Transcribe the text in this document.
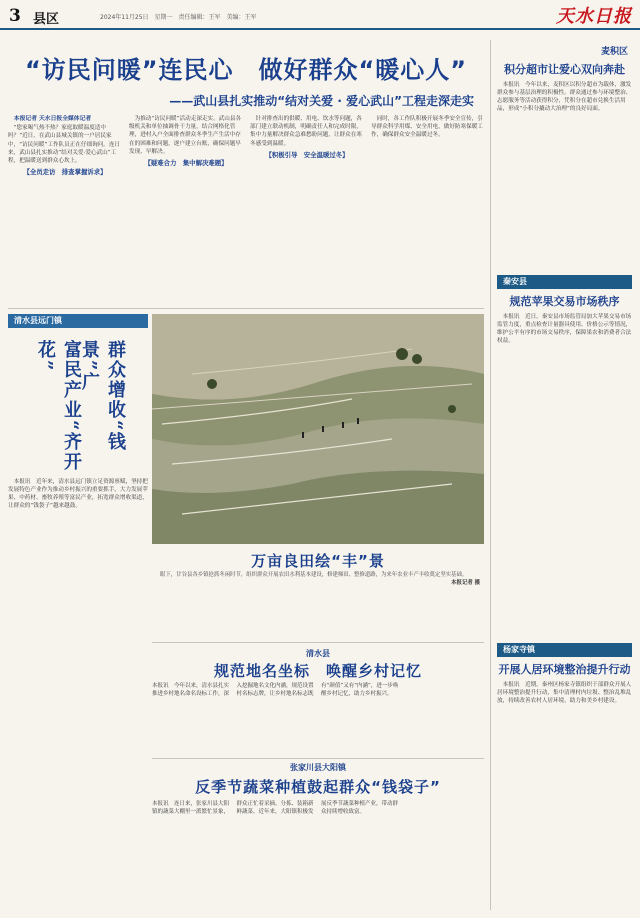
3 县区	2024年11月25日　星期一　责任编辑：王军　美编：王军	天水日报
“访民问暖”连民心　做好群众“暖心人”
——武山县扎实推动“结对关爱 · 爱心武山”工程走深走实

本报记者 天水日报全媒体记者

“您家喝气热不热？家庭取暖温度适中吗？”近日，在武山县城关镇的一户居民家中，“访民问暖”工作队员正在仔细询问。连日来，武山县扎实推动“结对关爱·爱心武山”工程，把温暖送到群众心坎上。

【全员走访　排查掌握诉求】

为推动“访民问暖”活动走深走实，武山县各级机关和单位抽调骨干力量，结合网格化管理，进村入户全面排查群众冬季生产生活中存在的困难和问题，逐户建立台账，确保问题早发现、早解决。

【疑难合力　集中解决难题】

针对排查出的供暖、用电、饮水等问题，各部门建立联动机制，明确责任人和完成时限，集中力量解决群众急难愁盼问题，让群众在寒冬感受到温暖。

【积极引导　安全温暖过冬】

同时，各工作队积极开展冬季安全宣传，引导群众科学用煤、安全用电，做好防寒保暖工作，确保群众安全温暖过冬。

麦积区
积分超市让爱心双向奔赴

本报讯　今年以来，麦积区以积分超市为载体，激发群众参与基层治理的积极性。群众通过参与环境整治、志愿服务等活动获得积分，凭积分在超市兑换生活用品，形成“小积分撬动大治理”的良好局面。

秦安县
规范苹果交易市场秩序

本报讯　近日，秦安县市场监管局加大苹果交易市场监管力度，重点检查计量器具使用、价格公示等情况，维护公平有序的市场交易秩序，保障果农和消费者合法权益。

杨家寺镇
开展人居环境整治提升行动

本报讯　近期，秦州区杨家寺镇组织干部群众开展人居环境整治提升行动，集中清理村内垃圾、整治乱堆乱放，持续改善农村人居环境，助力和美乡村建设。

清水县远门镇
群众增收“钱景”广
富民产业“齐开花”

本报讯　近年来，清水县远门镇立足资源禀赋，坚持把发展特色产业作为推动乡村振兴的重要抓手，大力发展苹果、中药材、畜牧养殖等富民产业，拓宽群众增收渠道，让群众的“钱袋子”越来越鼓。

万亩良田绘“丰”景

眼下，甘谷县各乡镇抢抓冬闲时节，组织群众开展农田水利基本建设，修建梯田、整修道路，为来年农业丰产丰收奠定坚实基础。

本报记者 摄

清水县
规范地名坐标　唤醒乡村记忆
本报讯　今年以来，清水县扎实推进乡村地名命名设标工作，深入挖掘地名文化内涵，规范设置村名标志牌，让乡村地名标志既有“颜值”又有“内涵”，进一步唤醒乡村记忆，助力乡村振兴。
张家川县大阳镇
反季节蔬菜种植鼓起群众“钱袋子”
本报讯　连日来，张家川县大阳镇的蔬菜大棚里一派繁忙景象，群众正忙着采摘、分拣、装箱新鲜蔬菜。近年来，大阳镇积极发展反季节蔬菜种植产业，带动群众持续增收致富。
